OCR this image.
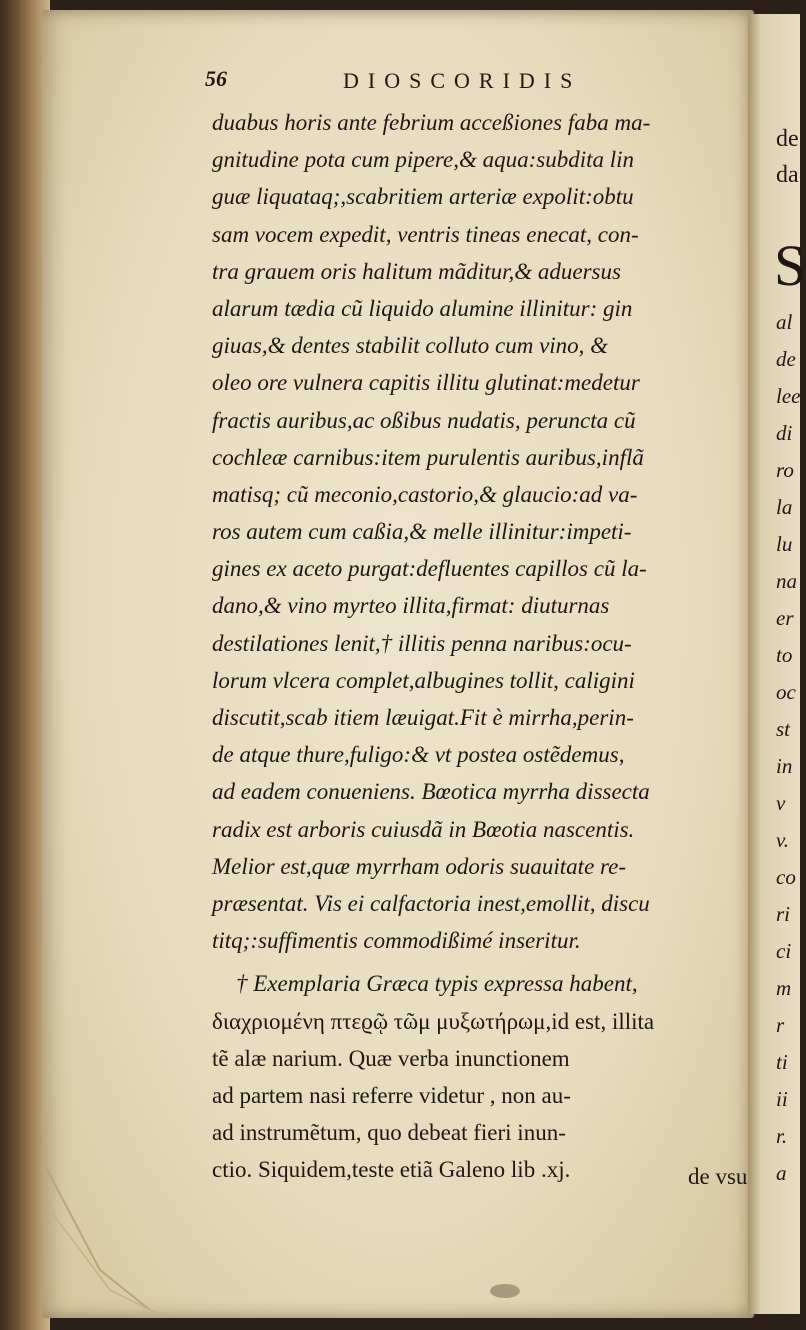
de
da
S
al
de
lee
di
ro
la
lu
na
er
to
oc
st
in
v
v.
co
ri
ci
m
r
ti
ii
r.
a
56	DIOSCORIDIS
duabus horis ante febrium acceßiones faba ma-
gnitudine pota cum pipere,& aqua:subdita lin
guæ liquataq;,scabritiem arteriæ expolit:obtu
sam vocem expedit, ventris tineas enecat, con-
tra grauem oris halitum mãditur,& aduersus
alarum tædia cũ liquido alumine illinitur: gin
giuas,& dentes stabilit colluto cum vino, &
oleo ore vulnera capitis illitu glutinat:medetur
fractis auribus,ac oßibus nudatis, peruncta cũ
cochleæ carnibus:item purulentis auribus,inflã
matisq; cũ meconio,castorio,& glaucio:ad va-
ros autem cum caßia,& melle illinitur:impeti-
gines ex aceto purgat:defluentes capillos cũ la-
dano,& vino myrteo illita,firmat: diuturnas
destilationes lenit,† illitis penna naribus:ocu-
lorum vlcera complet,albugines tollit, caligini
discutit,scab itiem læuigat.Fit è mirrha,perin-
de atque thure,fuligo:& vt postea ostẽdemus,
ad eadem conueniens. Bœotica myrrha dissecta
radix est arboris cuiusdã in Bœotia nascentis.
Melior est,quæ myrrham odoris suauitate re-
præsentat. Vis ei calfactoria inest,emollit, discu
titq;:suffimentis commodißimé inseritur.
† Exemplaria Græca typis expressa habent,
διαχριομένη πτεϱῷ τῶμ μυξωτήρωμ,id est, illita
tẽ alæ narium. Quæ verba inunctionem
ad partem nasi referre videtur , non au-
ad instrumẽtum, quo debeat fieri inun-
ctio. Siquidem,teste etiã Galeno lib .xj.	de vsu
